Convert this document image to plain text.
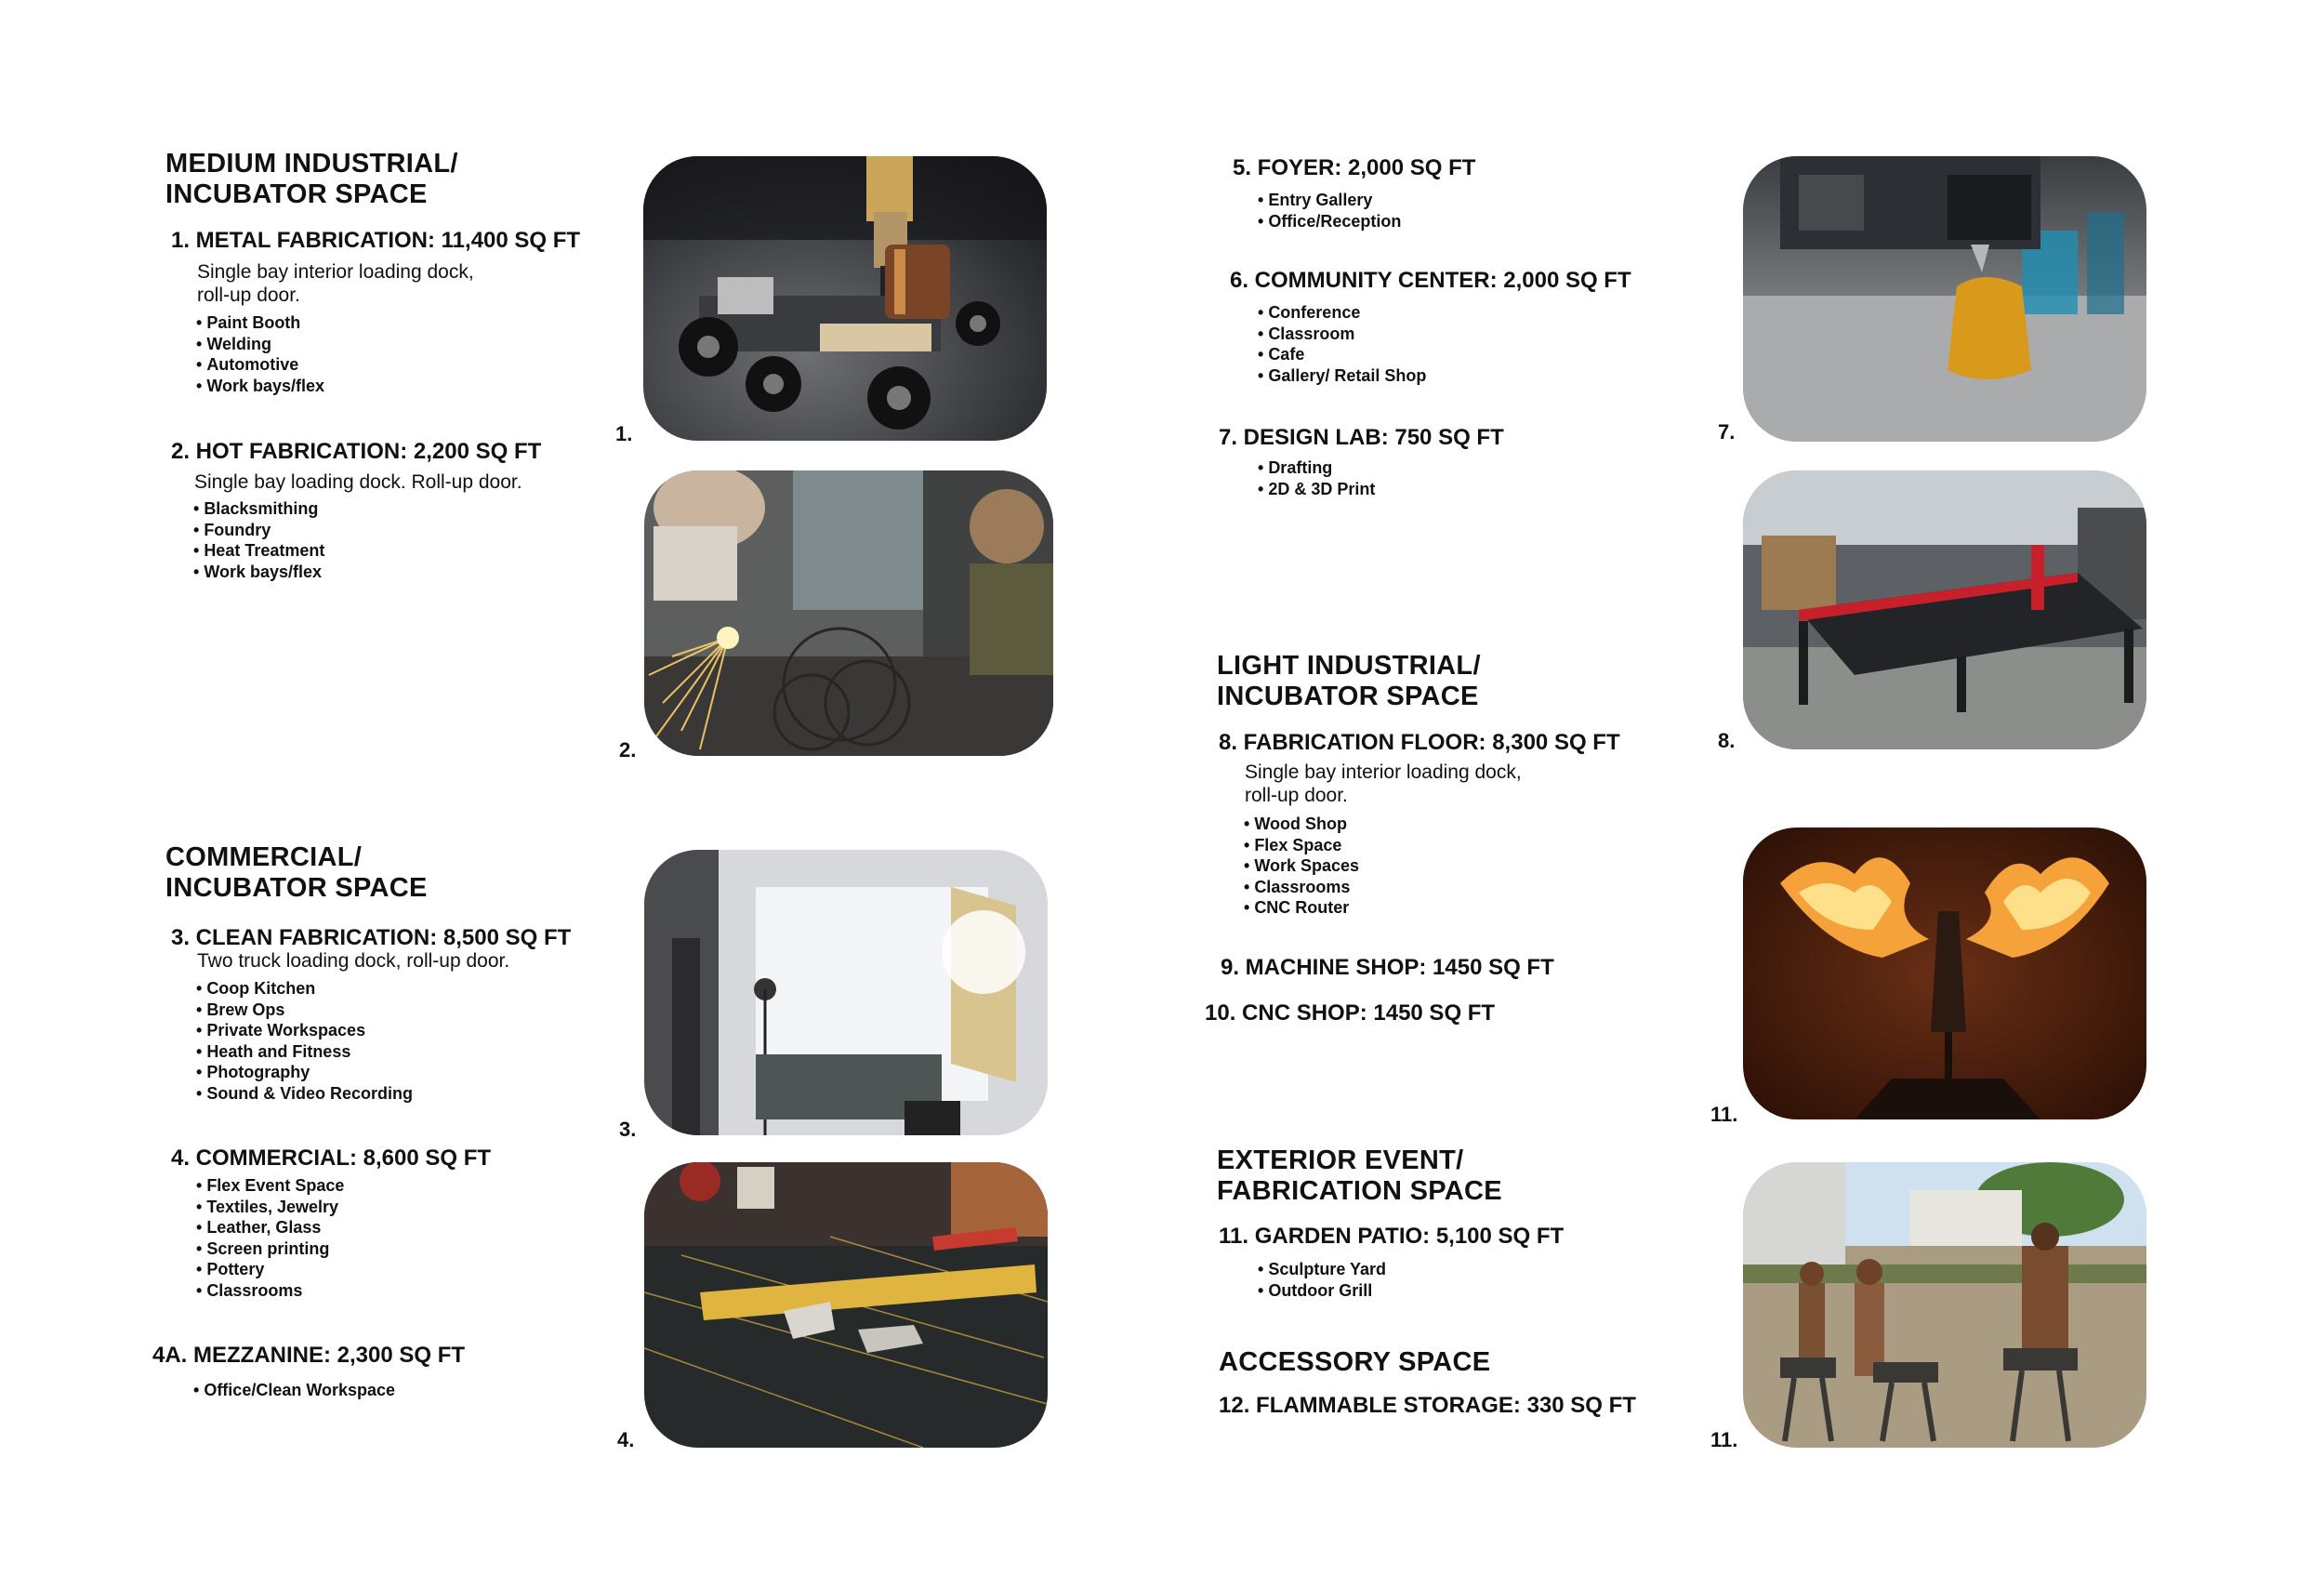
MEDIUM INDUSTRIAL/
INCUBATOR SPACE
1. METAL FABRICATION: 11,400 SQ FT
Single bay interior loading dock,
roll-up door.
• Paint Booth
• Welding
• Automotive
• Work bays/flex
2. HOT FABRICATION: 2,200 SQ FT
Single bay loading dock. Roll-up door.
• Blacksmithing
• Foundry
• Heat Treatment
• Work bays/flex
COMMERCIAL/
INCUBATOR SPACE
3. CLEAN FABRICATION: 8,500 SQ FT
Two truck loading dock, roll-up door.
• Coop Kitchen
• Brew Ops
• Private Workspaces
• Heath and Fitness
• Photography
• Sound & Video Recording
4. COMMERCIAL: 8,600 SQ FT
• Flex Event Space
• Textiles, Jewelry
• Leather, Glass
• Screen printing
• Pottery
• Classrooms
4A. MEZZANINE: 2,300 SQ FT
• Office/Clean Workspace
1.
2.
3.
4.
5. FOYER: 2,000 SQ FT
• Entry Gallery
• Office/Reception
6. COMMUNITY CENTER: 2,000 SQ FT
• Conference
• Classroom
• Cafe
• Gallery/ Retail Shop
7. DESIGN LAB: 750 SQ FT
• Drafting
• 2D & 3D Print
LIGHT INDUSTRIAL/
INCUBATOR SPACE
8. FABRICATION FLOOR: 8,300 SQ FT
Single bay interior loading dock,
roll-up door.
• Wood Shop
• Flex Space
• Work Spaces
• Classrooms
• CNC Router
9. MACHINE SHOP: 1450 SQ FT
10. CNC SHOP: 1450 SQ FT
EXTERIOR EVENT/
FABRICATION SPACE
11. GARDEN PATIO: 5,100 SQ FT
• Sculpture Yard
• Outdoor Grill
ACCESSORY SPACE
12. FLAMMABLE STORAGE: 330 SQ FT
7.
8.
11.
11.
